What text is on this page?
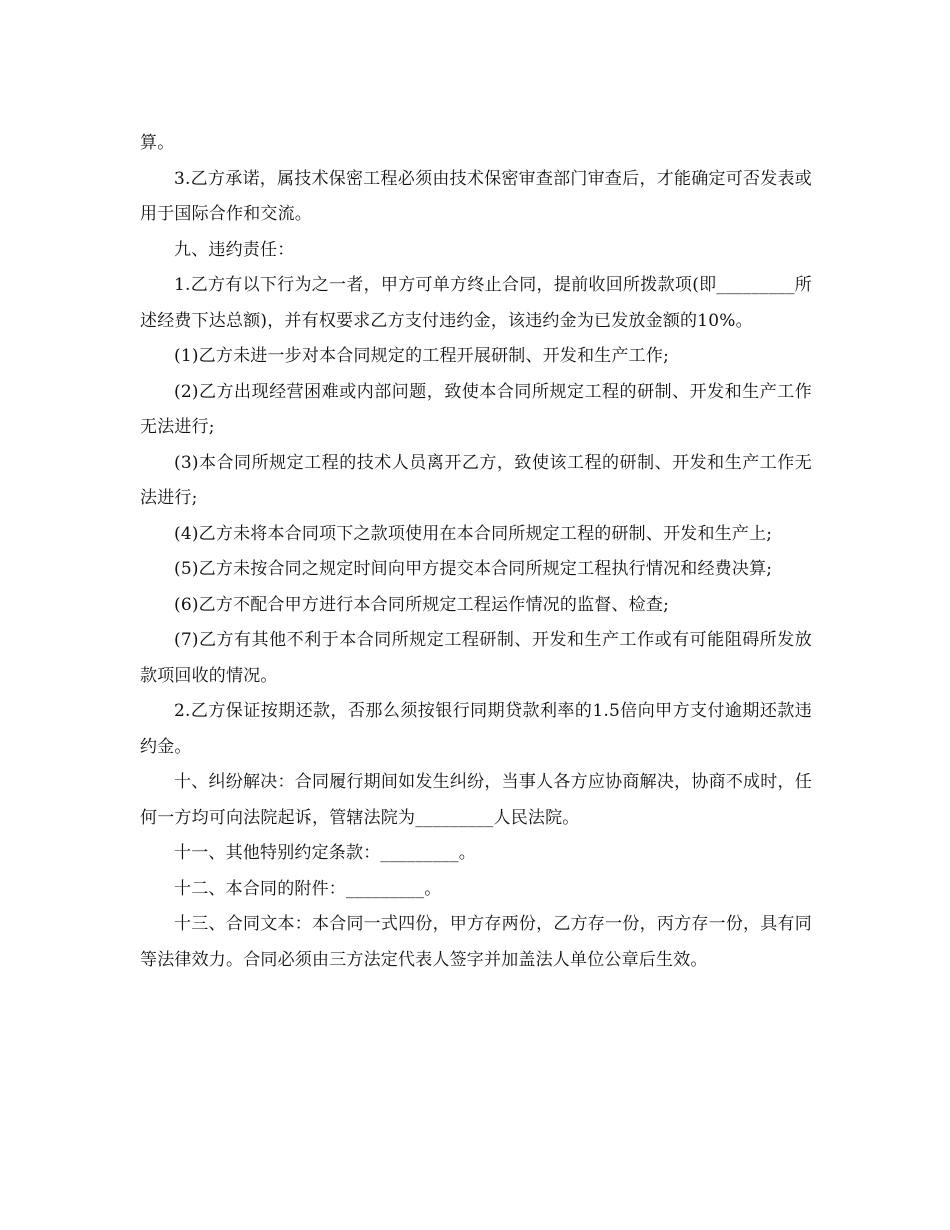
算。

3.乙方承诺，属技术保密工程必须由技术保密审查部门审查后，才能确定可否发表或用于国际合作和交流。

九、违约责任：

1.乙方有以下行为之一者，甲方可单方终止合同，提前收回所拨款项(即_________所述经费下达总额)，并有权要求乙方支付违约金，该违约金为已发放金额的10%。

(1)乙方未进一步对本合同规定的工程开展研制、开发和生产工作;

(2)乙方出现经营困难或内部问题，致使本合同所规定工程的研制、开发和生产工作无法进行;

(3)本合同所规定工程的技术人员离开乙方，致使该工程的研制、开发和生产工作无法进行;

(4)乙方未将本合同项下之款项使用在本合同所规定工程的研制、开发和生产上;

(5)乙方未按合同之规定时间向甲方提交本合同所规定工程执行情况和经费决算;

(6)乙方不配合甲方进行本合同所规定工程运作情况的监督、检查;

(7)乙方有其他不利于本合同所规定工程研制、开发和生产工作或有可能阻碍所发放款项回收的情况。

2.乙方保证按期还款，否那么须按银行同期贷款利率的1.5倍向甲方支付逾期还款违约金。

十、纠纷解决：合同履行期间如发生纠纷，当事人各方应协商解决，协商不成时，任何一方均可向法院起诉，管辖法院为_________人民法院。

十一、其他特别约定条款：_________。

十二、本合同的附件：_________。

十三、合同文本：本合同一式四份，甲方存两份，乙方存一份，丙方存一份，具有同等法律效力。合同必须由三方法定代表人签字并加盖法人单位公章后生效。
